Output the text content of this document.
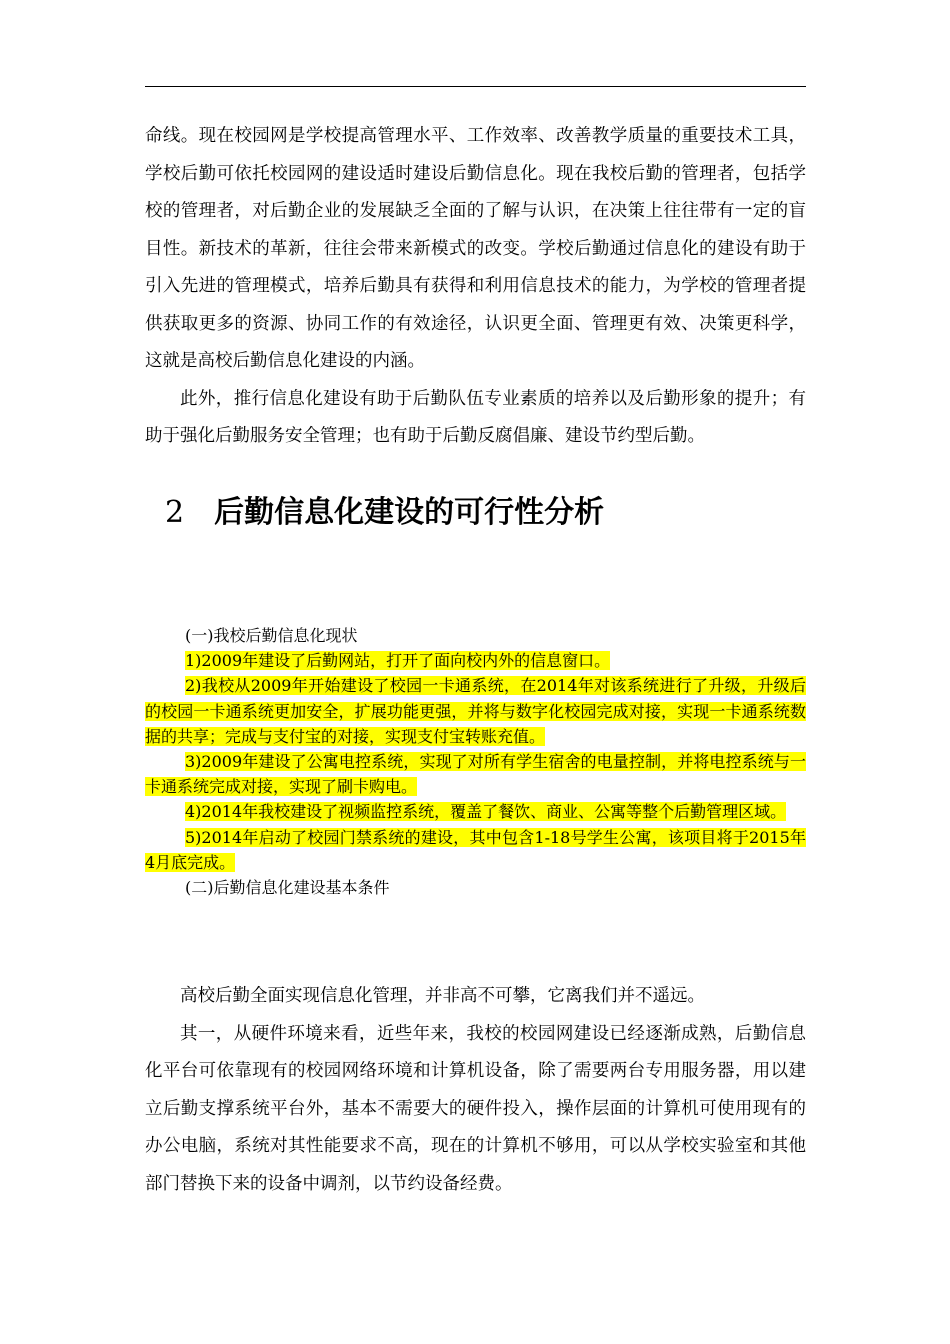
命线。现在校园网是学校提高管理水平、工作效率、改善教学质量的重要技术工具，学校后勤可依托校园网的建设适时建设后勤信息化。现在我校后勤的管理者，包括学校的管理者，对后勤企业的发展缺乏全面的了解与认识，在决策上往往带有一定的盲目性。新技术的革新，往往会带来新模式的改变。学校后勤通过信息化的建设有助于引入先进的管理模式，培养后勤具有获得和利用信息技术的能力，为学校的管理者提供获取更多的资源、协同工作的有效途径，认识更全面、管理更有效、决策更科学，这就是高校后勤信息化建设的内涵。

此外，推行信息化建设有助于后勤队伍专业素质的培养以及后勤形象的提升；有助于强化后勤服务安全管理；也有助于后勤反腐倡廉、建设节约型后勤。

2 后勤信息化建设的可行性分析

(一)我校后勤信息化现状

1)2009年建设了后勤网站，打开了面向校内外的信息窗口。

2)我校从2009年开始建设了校园一卡通系统，在2014年对该系统进行了升级，升级后的校园一卡通系统更加安全，扩展功能更强，并将与数字化校园完成对接，实现一卡通系统数据的共享；完成与支付宝的对接，实现支付宝转账充值。

3)2009年建设了公寓电控系统，实现了对所有学生宿舍的电量控制，并将电控系统与一卡通系统完成对接，实现了刷卡购电。

4)2014年我校建设了视频监控系统，覆盖了餐饮、商业、公寓等整个后勤管理区域。

5)2014年启动了校园门禁系统的建设，其中包含1-18号学生公寓，该项目将于2015年4月底完成。

(二)后勤信息化建设基本条件

高校后勤全面实现信息化管理，并非高不可攀，它离我们并不遥远。

其一，从硬件环境来看，近些年来，我校的校园网建设已经逐渐成熟，后勤信息化平台可依靠现有的校园网络环境和计算机设备，除了需要两台专用服务器，用以建立后勤支撑系统平台外，基本不需要大的硬件投入，操作层面的计算机可使用现有的办公电脑，系统对其性能要求不高，现在的计算机不够用，可以从学校实验室和其他部门替换下来的设备中调剂，以节约设备经费。
